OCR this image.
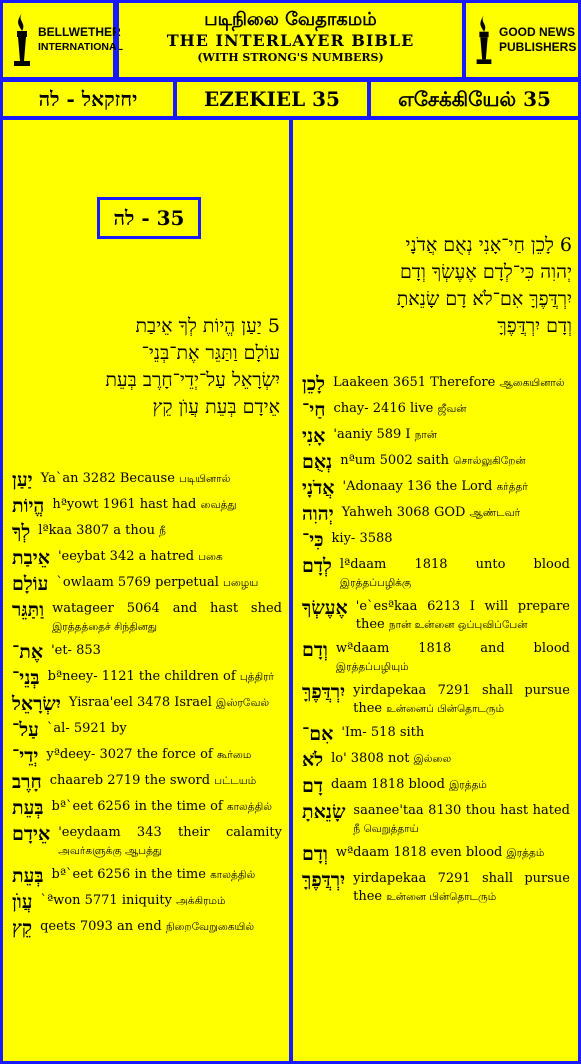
BELLWETHER
INTERNATIONAL
படிநிலை வேதாகமம்
THE INTERLAYER BIBLE
(WITH STRONG'S NUMBERS)
GOOD NEWS
PUBLISHERS
יחזקאל - לה	EZEKIEL 35	எசேக்கியேல் 35
35 - לה
5 יַעַן הֱיוֹת לְךָ אֵיבַת
עוֹלָם וַתַּגֵּר אֶת־בְּנֵי־
יִשְׂרָאֵל עַל־יְדֵי־חָרֶב בְּעֵת
אֵידָם בְּעֵת עֲוֺן קֵץ
6 לָכֵן חַי־אָנִי נְאֻם אֲדֹנָי
יְהוִה כִּי־לְדָם אֶעֶשְׂךָ וְדָם
יִרְדֲּפֶךָּ אִם־לֹא דָם שָׂנֵאתָ
וְדָם יִרְדֲּפֶךָּ
יַעַן Ya`an 3282 Because படியினால்
הֱיוֹת hªyowt 1961 hast had வைத்து
לְךָ lªkaa 3807 a thou நீ
אֵיבַת 'eeybat 342 a hatred பகை
עוֹלָם `owlaam 5769 perpetual பழைய
וַתַּגֵּר watageer 5064 and hast shed இரத்தத்தைச் சிந்தினது
אֶת־ 'et- 853
בְּנֵי־ bªneey- 1121 the children of புத்திரர்
יִשְׂרָאֵל Yisraa'eel 3478 Israel இஸ்ரவேல்
עַל־ `al- 5921 by
יְדֵי־ yªdeey- 3027 the force of கூர்மை
חָרֶב chaareb 2719 the sword பட்டயம்
בְּעֵת bª`eet 6256 in the time of காலத்தில்
אֵידָם 'eeydaam 343 their calamity அவர்களுக்கு ஆபத்து
בְּעֵת bª`eet 6256 in the time காலத்தில்
עֲוֺן `ªwon 5771 iniquity அக்கிரமம்
קֵץ qeets 7093 an end நிறைவேறுகையில்
לָכֵן Laakeen 3651 Therefore ஆகையினால்
חַי־ chay- 2416 live ஜீவன்
אָנִי 'aaniy 589 I நான்
נְאֻם nªum 5002 saith சொல்லுகிறேன்
אֲדֹנָי 'Adonaay 136 the Lord கர்த்தர்
יְהוִה Yahweh 3068 GOD ஆண்டவர்
כִּי־ kiy- 3588
לְדָם lªdaam 1818 unto blood இரத்தப்பழிக்கு
אֶעֶשְׂךָ 'e`esªkaa 6213 I will prepare thee நான் உன்னை ஒப்புவிப்பேன்
וְדָם wªdaam 1818 and blood இரத்தப்பழியும்
יִרְדֲּפֶךָּ yirdapekaa 7291 shall pursue thee உன்னைப் பின்தொடரும்
אִם־ 'Im- 518 sith
לֹא lo' 3808 not இல்லை
דָם daam 1818 blood இரத்தம்
שָׂנֵאתָ saanee'taa 8130 thou hast hated நீ வெறுத்தாய்
וְדָם wªdaam 1818 even blood இரத்தம்
יִרְדֲּפֶךָּ yirdapekaa 7291 shall pursue thee உன்னை பின்தொடரும்
